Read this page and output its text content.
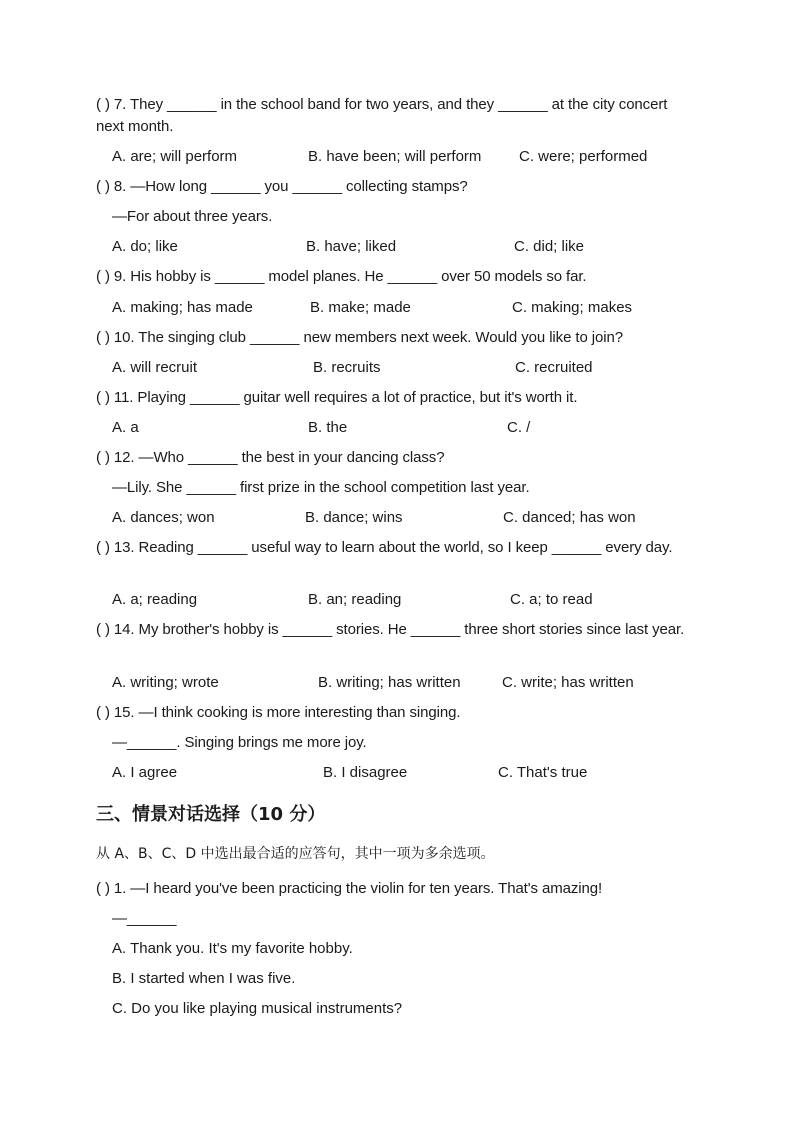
( ) 7. They ______ in the school band for two years, and they ______ at the city concert next month.
A. are; will perform	B. have been; will perform	C. were; performed
( ) 8. —How long ______ you ______ collecting stamps?
—For about three years.
A. do; like	B. have; liked	C. did; like
( ) 9. His hobby is ______ model planes. He ______ over 50 models so far.
A. making; has made	B. make; made	C. making; makes
( ) 10. The singing club ______ new members next week. Would you like to join?
A. will recruit	B. recruits	C. recruited
( ) 11. Playing ______ guitar well requires a lot of practice, but it's worth it.
A. a	B. the	C. /
( ) 12. —Who ______ the best in your dancing class?
—Lily. She ______ first prize in the school competition last year.
A. dances; won	B. dance; wins	C. danced; has won
( ) 13. Reading ______ useful way to learn about the world, so I keep ______ every day.
A. a; reading	B. an; reading	C. a; to read
( ) 14. My brother's hobby is ______ stories. He ______ three short stories since last year.
A. writing; wrote	B. writing; has written	C. write; has written
( ) 15. —I think cooking is more interesting than singing.
—______. Singing brings me more joy.
A. I agree	B. I disagree	C. That's true
三、情景对话选择（10 分）
从 A、B、C、D 中选出最合适的应答句，其中一项为多余选项。
( ) 1. —I heard you've been practicing the violin for ten years. That's amazing!
—______
A. Thank you. It's my favorite hobby.
B. I started when I was five.
C. Do you like playing musical instruments?
